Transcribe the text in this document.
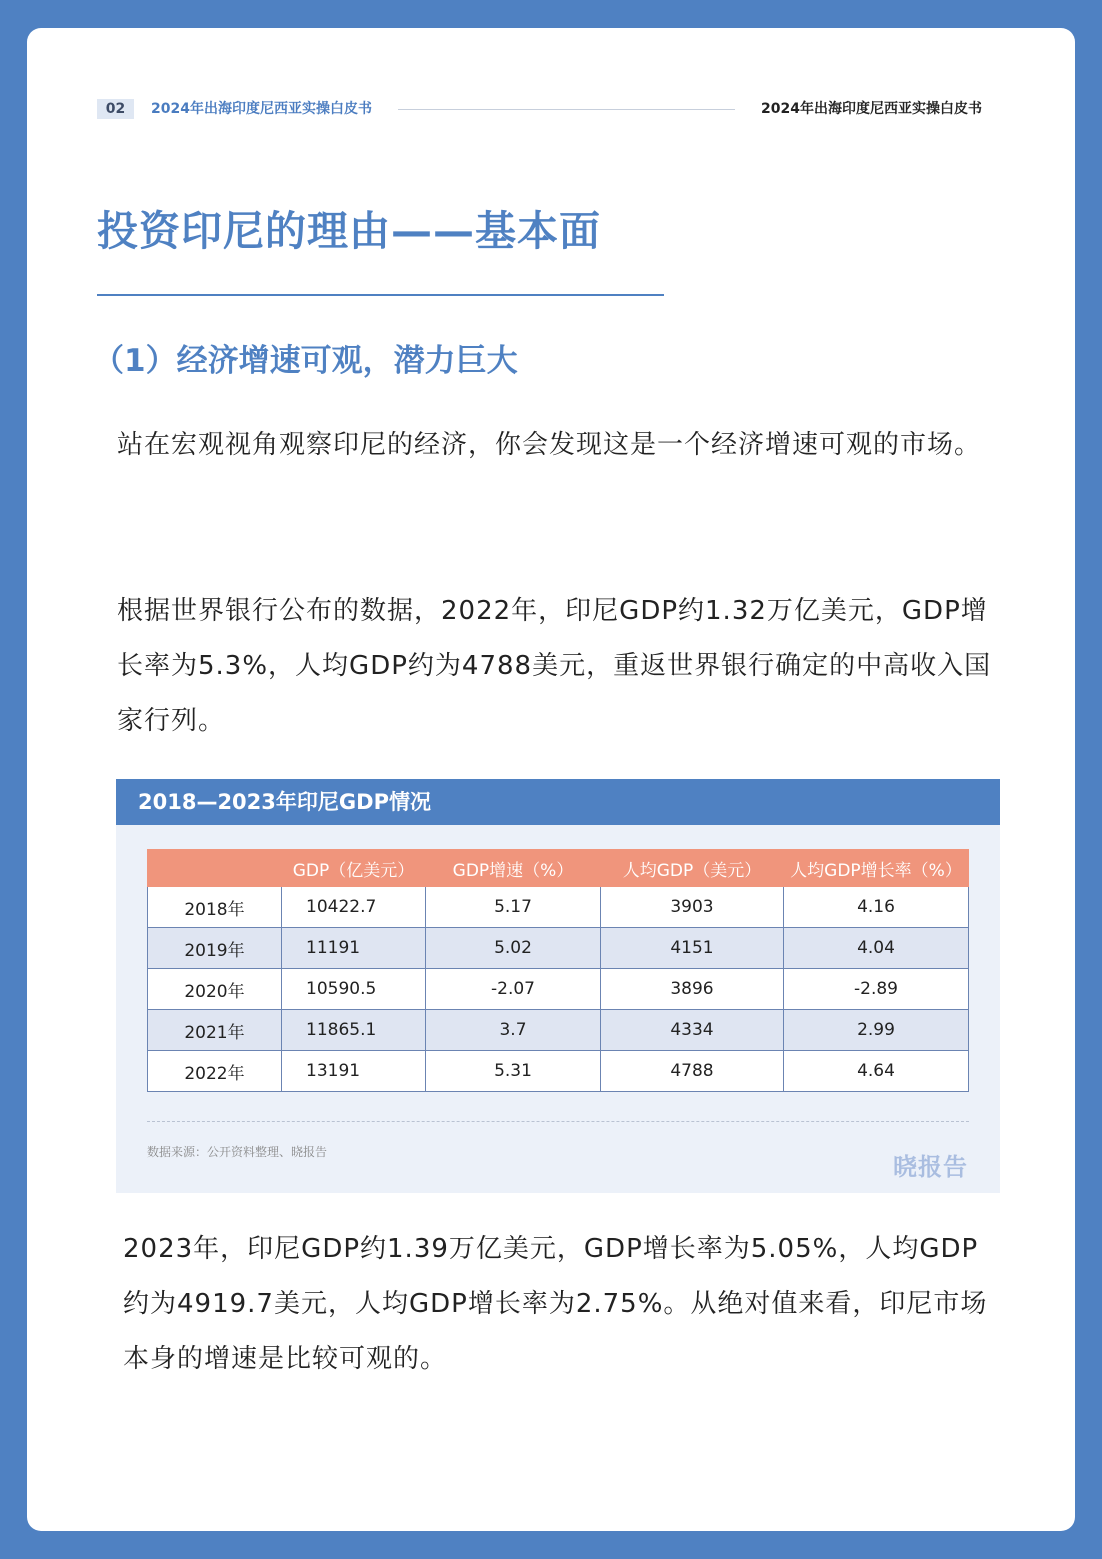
02	2024年出海印度尼西亚实操白皮书	2024年出海印度尼西亚实操白皮书
投资印尼的理由——基本面
（1）经济增速可观，潜力巨大
站在宏观视角观察印尼的经济，你会发现这是一个经济增速可观的市场。
根据世界银行公布的数据，2022年，印尼GDP约1.32万亿美元，GDP增长率为5.3%，人均GDP约为4788美元，重返世界银行确定的中高收入国家行列。
2018—2023年印尼GDP情况
	GDP（亿美元）	GDP增速（%）	人均GDP（美元）	人均GDP增长率（%）
2018年	10422.7	5.17	3903	4.16
2019年	11191	5.02	4151	4.04
2020年	10590.5	-2.07	3896	-2.89
2021年	11865.1	3.7	4334	2.99
2022年	13191	5.31	4788	4.64
数据来源：公开资料整理、晓报告
晓报告
2023年，印尼GDP约1.39万亿美元，GDP增长率为5.05%，人均GDP约为4919.7美元，人均GDP增长率为2.75%。从绝对值来看，印尼市场本身的增速是比较可观的。
